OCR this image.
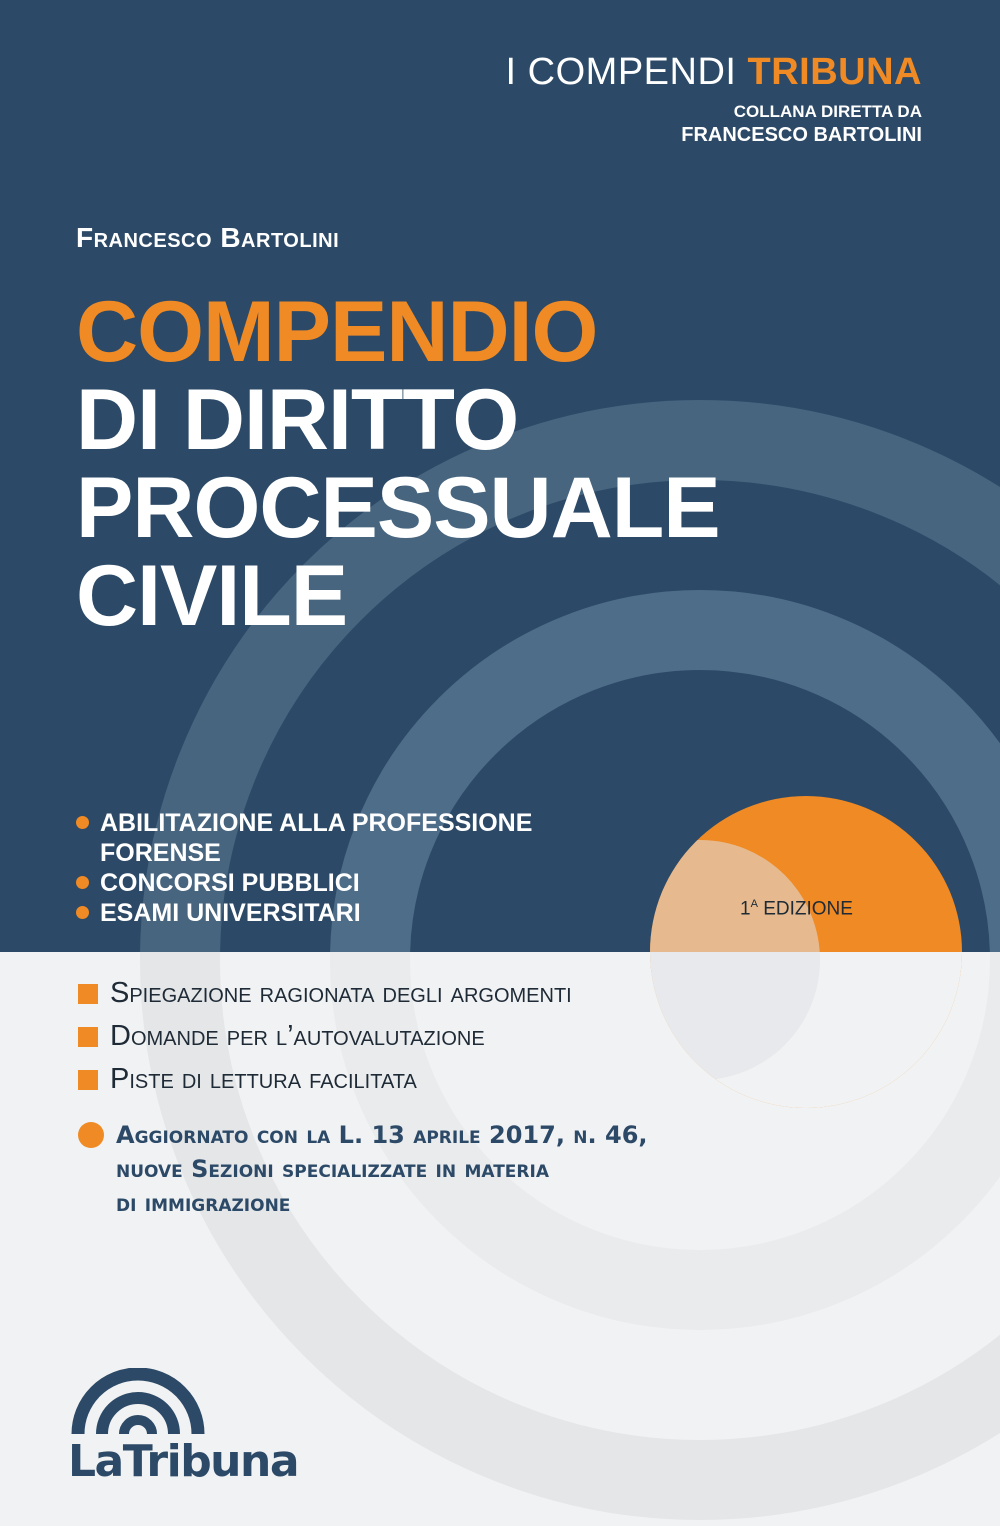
I COMPENDI TRIBUNA
COLLANA DIRETTA DA
FRANCESCO BARTOLINI
Francesco Bartolini
COMPENDIO
DI DIRITTO
PROCESSUALE
CIVILE
ABILITAZIONE ALLA PROFESSIONE
FORENSE
CONCORSI PUBBLICI
ESAMI UNIVERSITARI	$1^A$ EDIZIONE
Spiegazione ragionata degli argomenti
Domande per l’autovalutazione
Piste di lettura facilitata
Aggiornato con la L. 13 aprile 2017, n. 46,
nuove Sezioni specializzate in materia
di immigrazione
LaTribuna
